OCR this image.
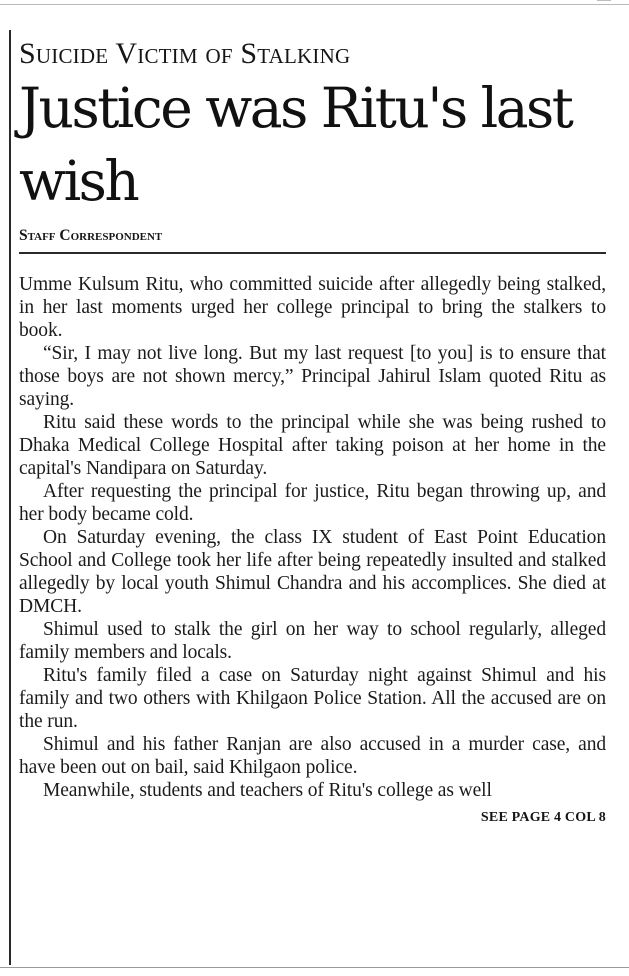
Suicide Victim of Stalking
Justice was Ritu's last wish
Staff Correspondent

Umme Kulsum Ritu, who committed suicide after allegedly being stalked, in her last moments urged her college principal to bring the stalkers to book.

“Sir, I may not live long. But my last request [to you] is to ensure that those boys are not shown mercy,” Principal Jahirul Islam quoted Ritu as saying.

Ritu said these words to the principal while she was being rushed to Dhaka Medical College Hospital after taking poison at her home in the capital's Nandipara on Saturday.

After requesting the principal for justice, Ritu began throwing up, and her body became cold.

On Saturday evening, the class IX student of East Point Education School and College took her life after being repeatedly insulted and stalked allegedly by local youth Shimul Chandra and his accomplices. She died at DMCH.

Shimul used to stalk the girl on her way to school regularly, alleged family members and locals.

Ritu's family filed a case on Saturday night against Shimul and his family and two others with Khilgaon Police Station. All the accused are on the run.

Shimul and his father Ranjan are also accused in a murder case, and have been out on bail, said Khilgaon police.

Meanwhile, students and teachers of Ritu's college as well

SEE PAGE 4 COL 8
